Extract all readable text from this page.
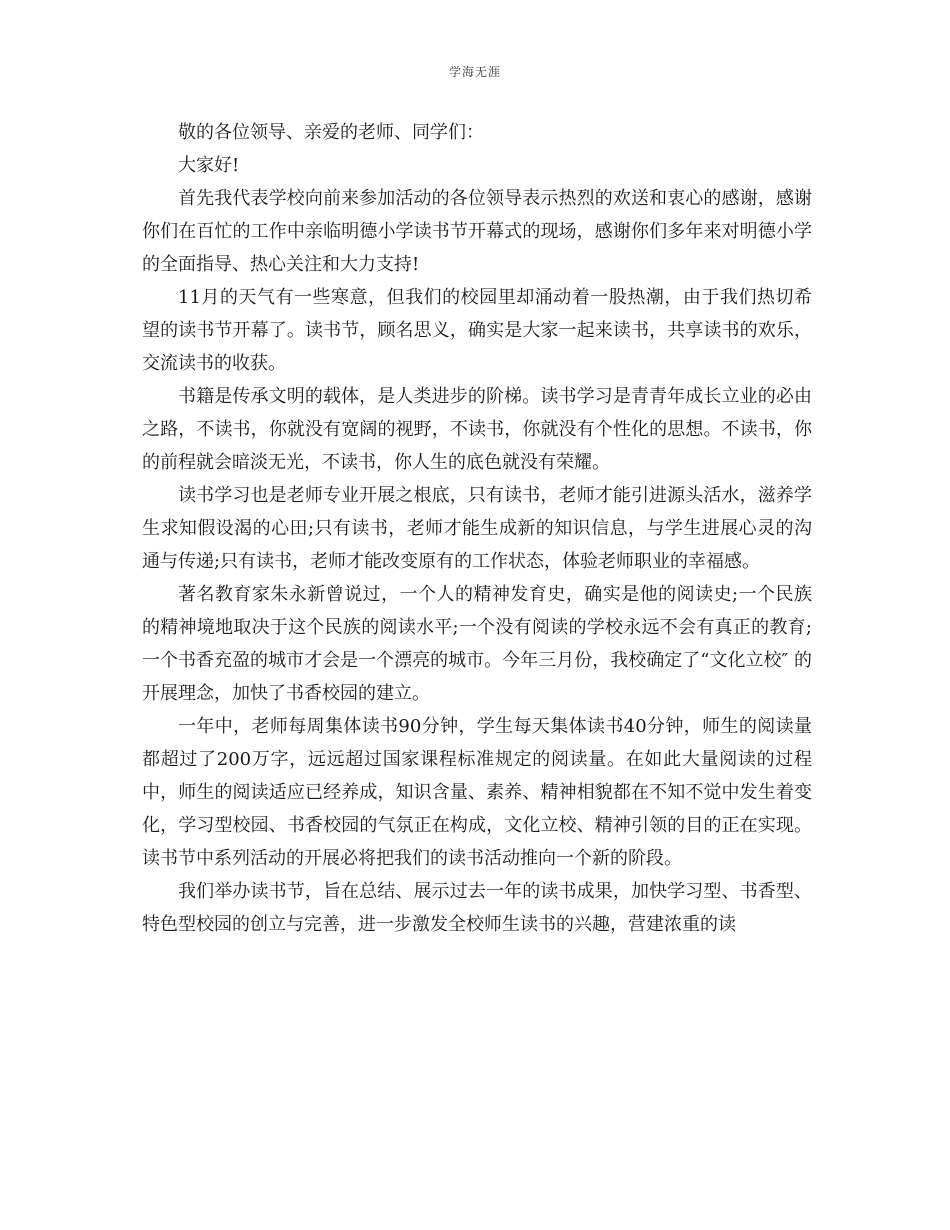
学海无涯

敬的各位领导、亲爱的老师、同学们：

大家好!

首先我代表学校向前来参加活动的各位领导表示热烈的欢送和衷心的感谢，感谢你们在百忙的工作中亲临明德小学读书节开幕式的现场，感谢你们多年来对明德小学的全面指导、热心关注和大力支持!

11月的天气有一些寒意，但我们的校园里却涌动着一股热潮，由于我们热切希望的读书节开幕了。读书节，顾名思义，确实是大家一起来读书，共享读书的欢乐，交流读书的收获。

书籍是传承文明的载体，是人类进步的阶梯。读书学习是青青年成长立业的必由之路，不读书，你就没有宽阔的视野，不读书，你就没有个性化的思想。不读书，你的前程就会暗淡无光，不读书，你人生的底色就没有荣耀。

读书学习也是老师专业开展之根底，只有读书，老师才能引进源头活水，滋养学生求知假设渴的心田;只有读书，老师才能生成新的知识信息，与学生进展心灵的沟通与传递;只有读书，老师才能改变原有的工作状态，体验老师职业的幸福感。

著名教育家朱永新曾说过，一个人的精神发育史，确实是他的阅读史;一个民族的精神境地取决于这个民族的阅读水平;一个没有阅读的学校永远不会有真正的教育;一个书香充盈的城市才会是一个漂亮的城市。今年三月份，我校确定了“文化立校″ 的开展理念，加快了书香校园的建立。

一年中，老师每周集体读书90分钟，学生每天集体读书40分钟，师生的阅读量都超过了200万字，远远超过国家课程标准规定的阅读量。在如此大量阅读的过程中，师生的阅读适应已经养成，知识含量、素养、精神相貌都在不知不觉中发生着变化，学习型校园、书香校园的气氛正在构成，文化立校、精神引领的目的正在实现。读书节中系列活动的开展必将把我们的读书活动推向一个新的阶段。

我们举办读书节，旨在总结、展示过去一年的读书成果，加快学习型、书香型、特色型校园的创立与完善，进一步激发全校师生读书的兴趣，营建浓重的读
